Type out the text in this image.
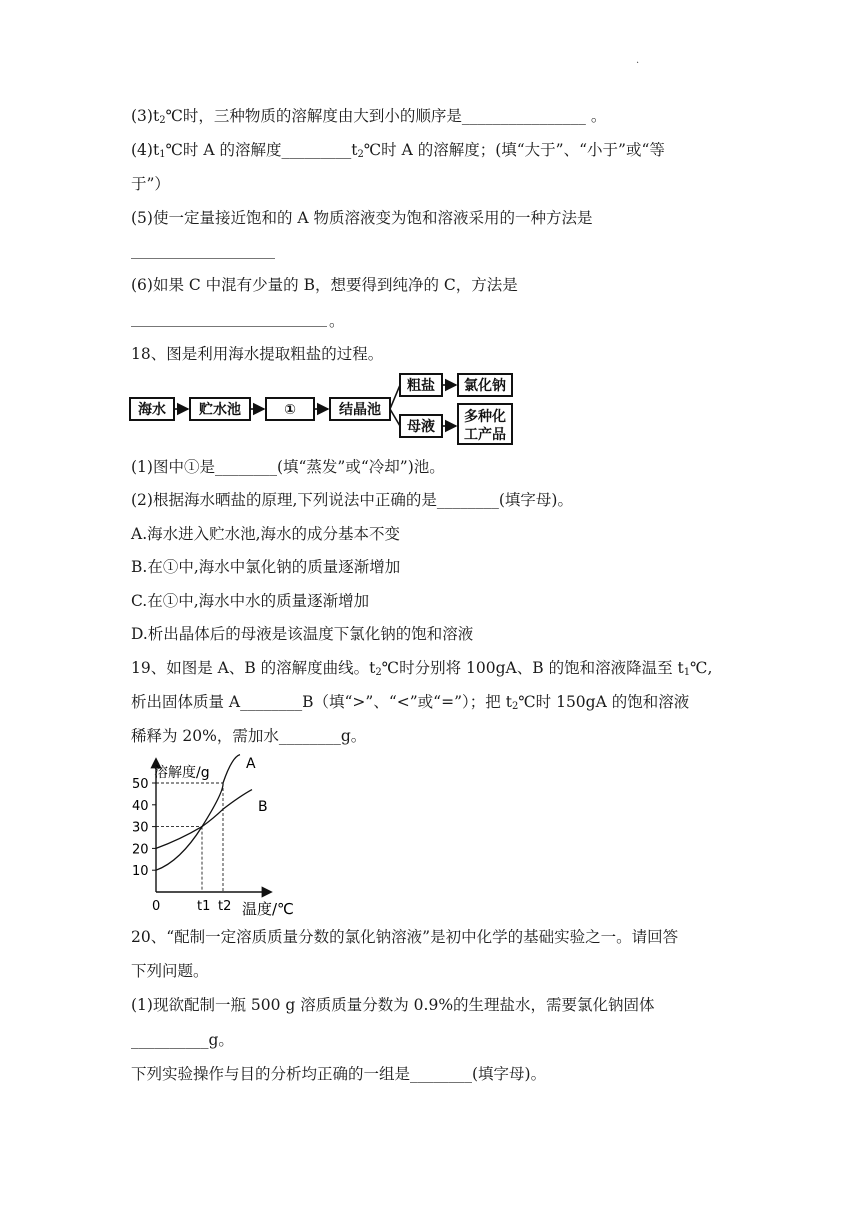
·
$(3)t_2℃$时，三种物质的溶解度由大到小的顺序是________________ 。
$(4)t_1℃$时 A 的溶解度$\_\_\_\_\_\_\_\_\_t_2℃$时 A 的溶解度；(填“大于”、“小于”或“等
于”）
(5)使一定量接近饱和的 A 物质溶液变为饱和溶液采用的一种方法是
(6)如果 C 中混有少量的 B，想要得到纯净的 C，方法是
。
18、图是利用海水提取粗盐的过程。
海水 贮水池	①	结晶池
粗盐 氯化钠
母液
多种化
工产品
(1)图中①是________(填“蒸发”或“冷却”)池。
(2)根据海水晒盐的原理,下列说法中正确的是________(填字母)。
A.海水进入贮水池,海水的成分基本不变
B.在①中,海水中氯化钠的质量逐渐增加
C.在①中,海水中水的质量逐渐增加
D.析出晶体后的母液是该温度下氯化钠的饱和溶液
19、如图是 A、B 的溶解度曲线。$t_2℃$时分别将 100gA、B 的饱和溶液降温至 $t_1℃$,
析出固体质量 A________B（填“>”、“<”或“=”）；把 $t_2℃$时 150gA 的饱和溶液
稀释为 20%，需加水________g。
10
20
30
40
50
0	t1 t2
A
B
溶解度/g
温度/℃
20、“配制一定溶质质量分数的氯化钠溶液”是初中化学的基础实验之一。请回答
下列问题。
(1)现欲配制一瓶 500 g 溶质质量分数为 0.9%的生理盐水，需要氯化钠固体
__________g。
下列实验操作与目的分析均正确的一组是________(填字母)。
